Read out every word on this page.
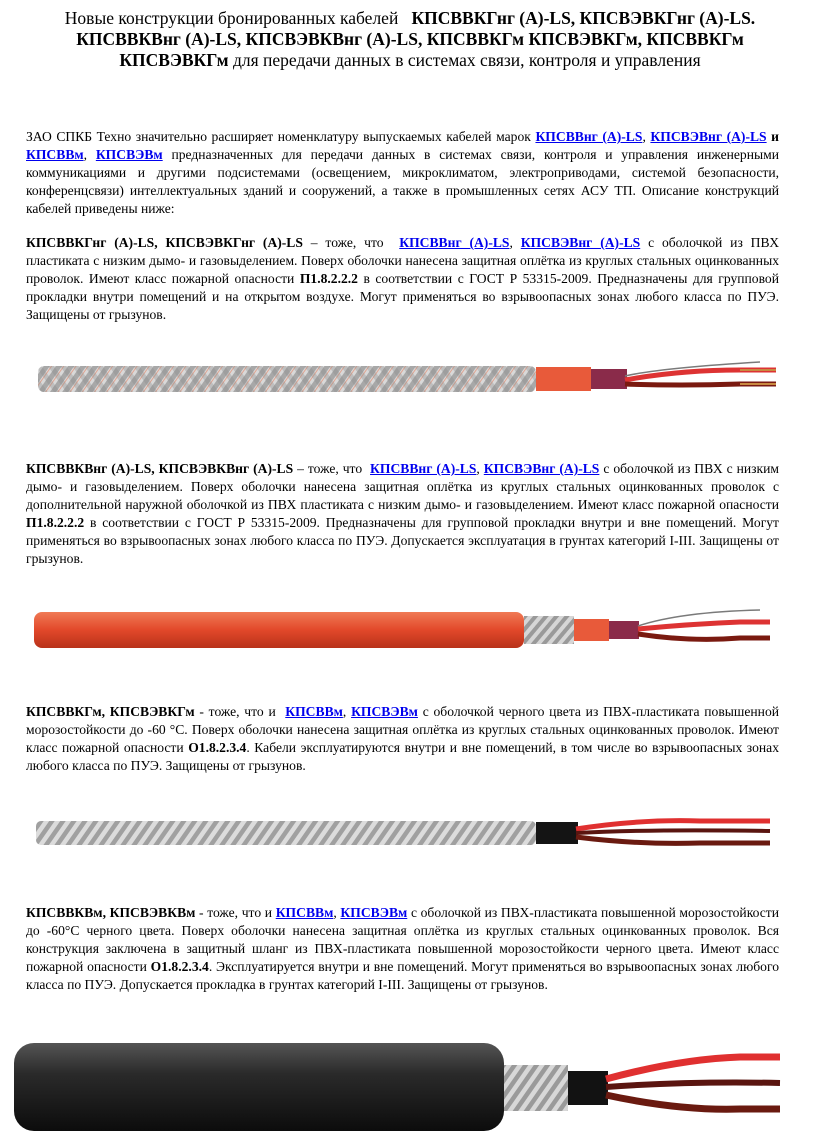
Новые конструкции бронированных кабелей КПСВВКГнг (A)-LS, КПСВЭВКГнг (A)-LS.
КПСВВКВнг (A)-LS, КПСВЭВКВнг (A)-LS, КПСВВКГм КПСВЭВКГм, КПСВВКГм
КПСВЭВКГм для передачи данных в системах связи, контроля и управления
ЗАО СПКБ Техно значительно расширяет номенклатуру выпускаемых кабелей марок КПСВВнг (A)-LS, КПСВЭВнг (A)-LS и КПСВВм, КПСВЭВм предназначенных для передачи данных в системах связи, контроля и управления инженерными коммуникациями и другими подсистемами (освещением, микроклиматом, электроприводами, системой безопасности, конференцсвязи) интеллектуальных зданий и сооружений, а также в промышленных сетях АСУ ТП. Описание конструкций кабелей приведены ниже:
КПСВВКГнг (A)-LS, КПСВЭВКГнг (A)-LS – тоже, что КПСВВнг (A)-LS, КПСВЭВнг (A)-LS с оболочкой из ПВХ пластиката с низким дымо- и газовыделением. Поверх оболочки нанесена защитная оплётка из круглых стальных оцинкованных проволок. Имеют класс пожарной опасности П1.8.2.2.2 в соответствии с ГОСТ Р 53315-2009. Предназначены для групповой прокладки внутри помещений и на открытом воздухе. Могут применяться во взрывоопасных зонах любого класса по ПУЭ. Защищены от грызунов.
КПСВВКВнг (A)-LS, КПСВЭВКВнг (A)-LS – тоже, что КПСВВнг (A)-LS, КПСВЭВнг (A)-LS с оболочкой из ПВХ с низким дымо- и газовыделением. Поверх оболочки нанесена защитная оплётка из круглых стальных оцинкованных проволок с дополнительной наружной оболочкой из ПВХ пластиката с низким дымо- и газовыделением. Имеют класс пожарной опасности П1.8.2.2.2 в соответствии с ГОСТ Р 53315-2009. Предназначены для групповой прокладки внутри и вне помещений. Могут применяться во взрывоопасных зонах любого класса по ПУЭ. Допускается эксплуатация в грунтах категорий I-III. Защищены от грызунов.
КПСВВКГм, КПСВЭВКГм - тоже, что и КПСВВм, КПСВЭВм с оболочкой черного цвета из ПВХ-пластиката повышенной морозостойкости до -60 °С. Поверх оболочки нанесена защитная оплётка из круглых стальных оцинкованных проволок. Имеют класс пожарной опасности О1.8.2.3.4. Кабели эксплуатируются внутри и вне помещений, в том числе во взрывоопасных зонах любого класса по ПУЭ. Защищены от грызунов.
КПСВВКВм, КПСВЭВКВм - тоже, что и КПСВВм, КПСВЭВм с оболочкой из ПВХ-пластиката повышенной морозостойкости до -60°С черного цвета. Поверх оболочки нанесена защитная оплётка из круглых стальных оцинкованных проволок. Вся конструкция заключена в защитный шланг из ПВХ-пластиката повышенной морозостойкости черного цвета. Имеют класс пожарной опасности О1.8.2.3.4. Эксплуатируется внутри и вне помещений. Могут применяться во взрывоопасных зонах любого класса по ПУЭ. Допускается прокладка в грунтах категорий I-III. Защищены от грызунов.
